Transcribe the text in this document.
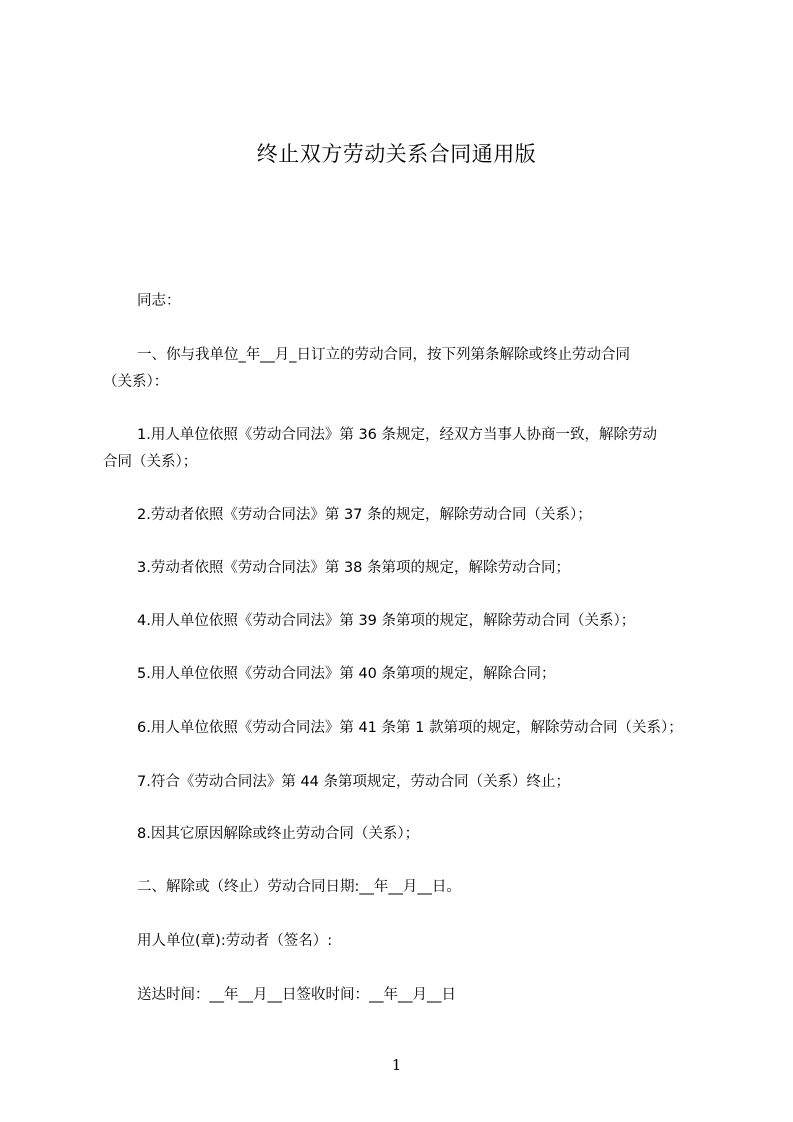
终止双方劳动关系合同通用版
同志：
一、你与我单位_年__月_日订立的劳动合同，按下列第条解除或终止劳动合同
（关系）：
1.用人单位依照《劳动合同法》第 36 条规定，经双方当事人协商一致，解除劳动
合同（关系）；
2.劳动者依照《劳动合同法》第 37 条的规定，解除劳动合同（关系）；
3.劳动者依照《劳动合同法》第 38 条第项的规定，解除劳动合同；
4.用人单位依照《劳动合同法》第 39 条第项的规定，解除劳动合同（关系）；
5.用人单位依照《劳动合同法》第 40 条第项的规定，解除合同；
6.用人单位依照《劳动合同法》第 41 条第 1 款第项的规定，解除劳动合同（关系）；
7.符合《劳动合同法》第 44 条第项规定，劳动合同（关系）终止；
8.因其它原因解除或终止劳动合同（关系）；
二、解除或（终止）劳动合同日期:__年__月__日。
用人单位(章):劳动者（签名）:
送达时间：__年__月__日签收时间：__年__月__日
1
